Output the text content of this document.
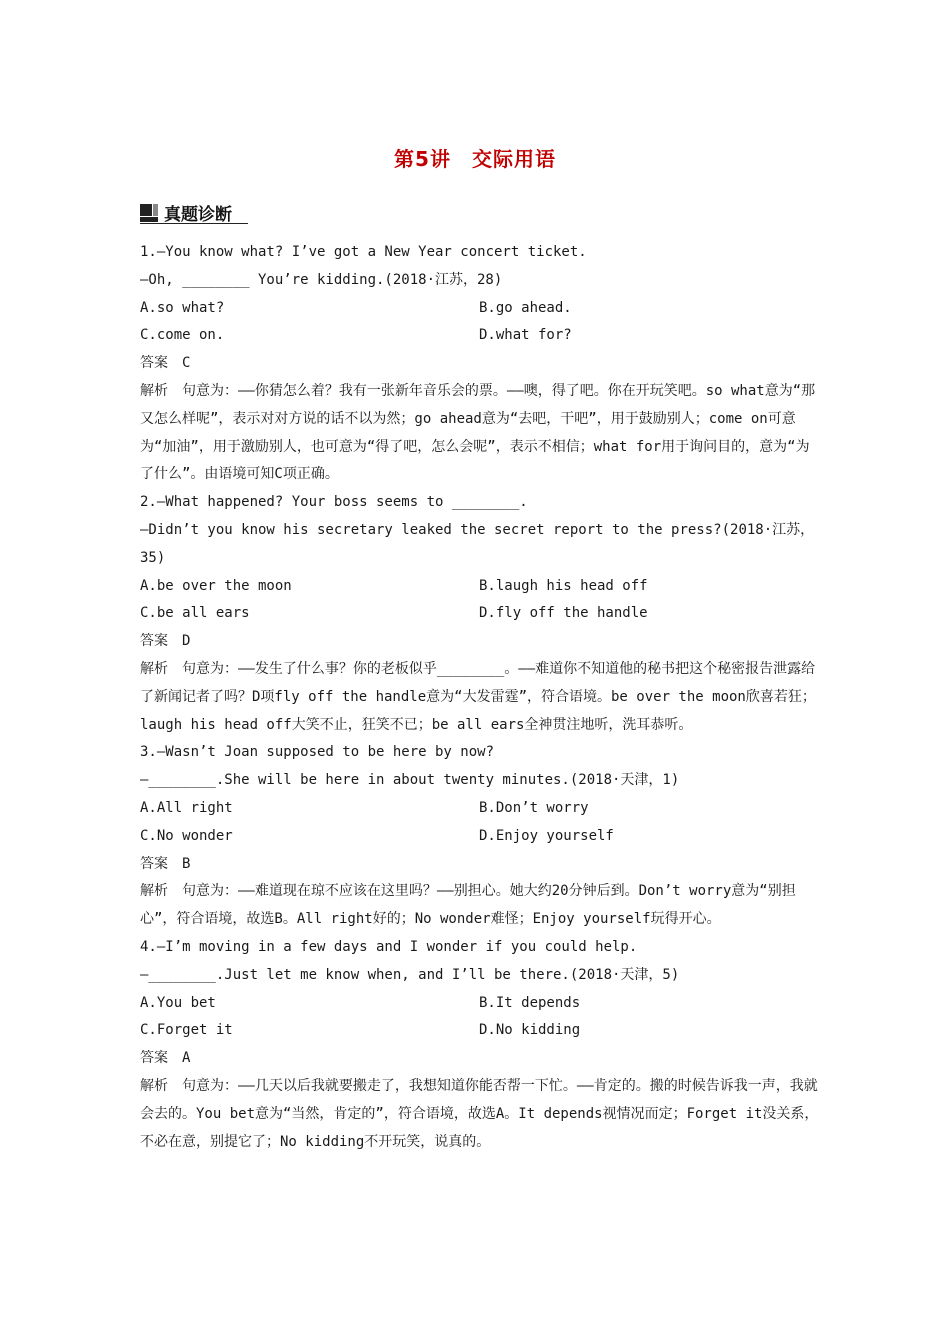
第5讲　交际用语
真题诊断
1.—You know what? I’ve got a New Year concert ticket.
—Oh, ________ You’re kidding.(2018·江苏，28)
A.so what?	B.go ahead.
C.come on.	D.what for?
答案　C
解析　句意为：——你猜怎么着？我有一张新年音乐会的票。——噢，得了吧。你在开玩笑吧。so what意为“那又怎么样呢”，表示对对方说的话不以为然；go ahead意为“去吧，干吧”，用于鼓励别人；come on可意为“加油”，用于激励别人，也可意为“得了吧，怎么会呢”，表示不相信；what for用于询问目的，意为“为了什么”。由语境可知C项正确。
2.—What happened? Your boss seems to ________.
—Didn’t you know his secretary leaked the secret report to the press?(2018·江苏，35)
A.be over the moon	B.laugh his head off
C.be all ears	D.fly off the handle
答案　D
解析　句意为：——发生了什么事？你的老板似乎________。——难道你不知道他的秘书把这个秘密报告泄露给了新闻记者了吗？D项fly off the handle意为“大发雷霆”，符合语境。be over the moon欣喜若狂；laugh his head off大笑不止，狂笑不已；be all ears全神贯注地听，洗耳恭听。
3.—Wasn’t Joan supposed to be here by now?
—________.She will be here in about twenty minutes.(2018·天津，1)
A.All right	B.Don’t worry
C.No wonder	D.Enjoy yourself
答案　B
解析　句意为：——难道现在琼不应该在这里吗？——别担心。她大约20分钟后到。Don’t worry意为“别担心”，符合语境，故选B。All right好的；No wonder难怪；Enjoy yourself玩得开心。
4.—I’m moving in a few days and I wonder if you could help.
—________.Just let me know when, and I’ll be there.(2018·天津，5)
A.You bet	B.It depends
C.Forget it	D.No kidding
答案　A
解析　句意为：——几天以后我就要搬走了，我想知道你能否帮一下忙。——肯定的。搬的时候告诉我一声，我就会去的。You bet意为“当然，肯定的”，符合语境，故选A。It depends视情况而定；Forget it没关系，不必在意，别提它了；No kidding不开玩笑，说真的。
